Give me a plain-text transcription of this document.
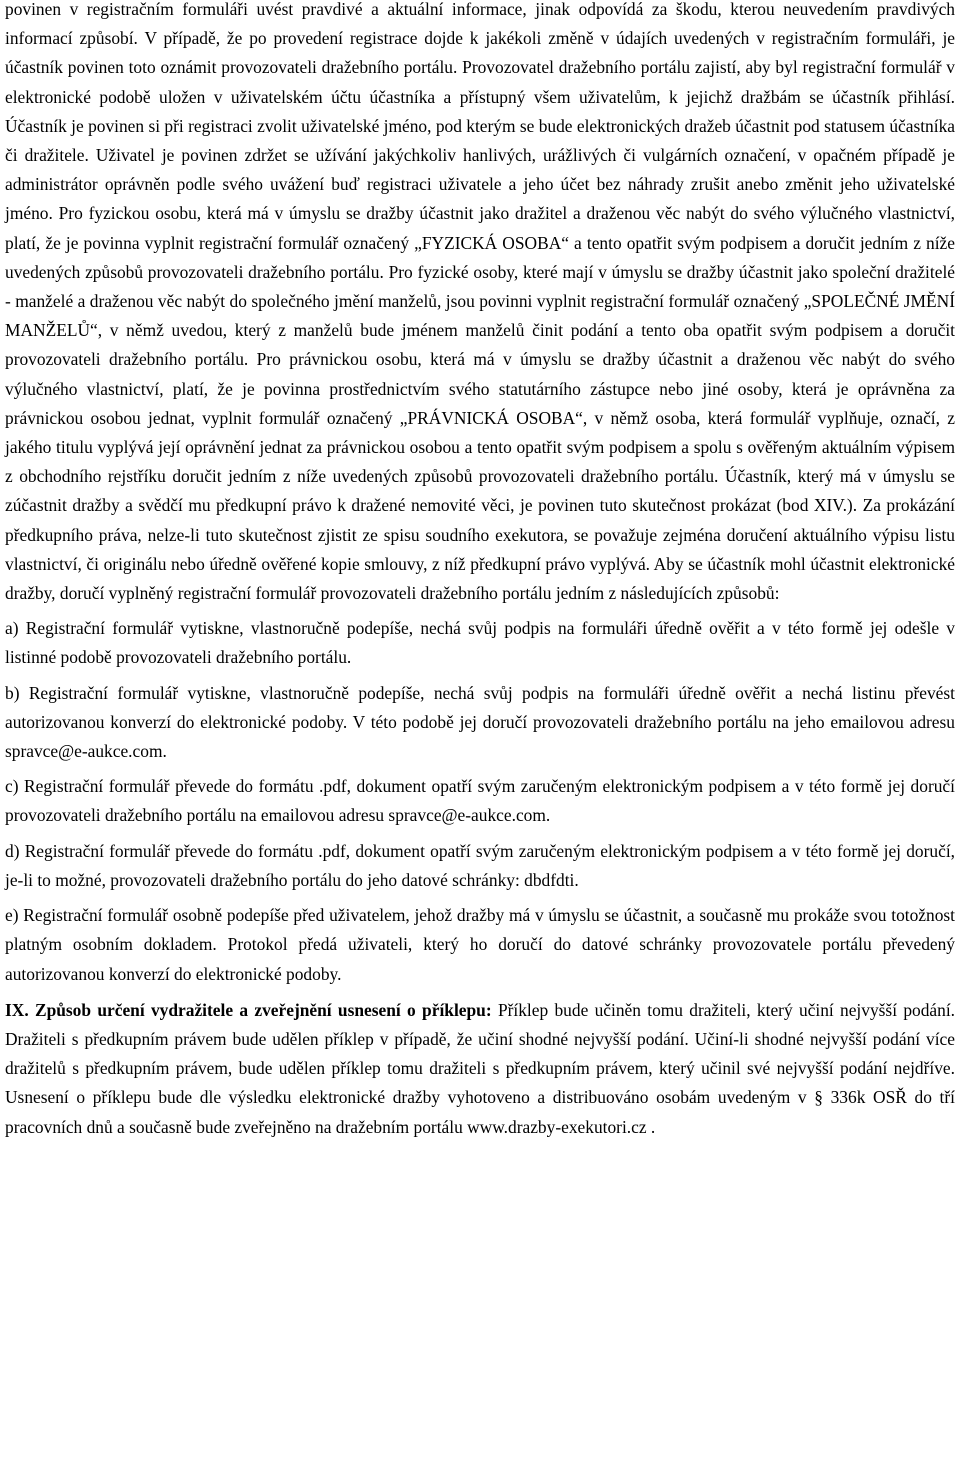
povinen v registračním formuláři uvést pravdivé a aktuální informace, jinak odpovídá za škodu, kterou neuvedením pravdivých informací způsobí. V případě, že po provedení registrace dojde k jakékoli změně v údajích uvedených v registračním formuláři, je účastník povinen toto oznámit provozovateli dražebního portálu. Provozovatel dražebního portálu zajistí, aby byl registrační formulář v elektronické podobě uložen v uživatelském účtu účastníka a přístupný všem uživatelům, k jejichž dražbám se účastník přihlásí. Účastník je povinen si při registraci zvolit uživatelské jméno, pod kterým se bude elektronických dražeb účastnit pod statusem účastníka či dražitele. Uživatel je povinen zdržet se užívání jakýchkoliv hanlivých, urážlivých či vulgárních označení, v opačném případě je administrátor oprávněn podle svého uvážení buď registraci uživatele a jeho účet bez náhrady zrušit anebo změnit jeho uživatelské jméno. Pro fyzickou osobu, která má v úmyslu se dražby účastnit jako dražitel a draženou věc nabýt do svého výlučného vlastnictví, platí, že je povinna vyplnit registrační formulář označený „FYZICKÁ OSOBA“ a tento opatřit svým podpisem a doručit jedním z níže uvedených způsobů provozovateli dražebního portálu. Pro fyzické osoby, které mají v úmyslu se dražby účastnit jako společní dražitelé - manželé a draženou věc nabýt do společného jmění manželů, jsou povinni vyplnit registrační formulář označený „SPOLEČNÉ JMĚNÍ MANŽELŮ“, v němž uvedou, který z manželů bude jménem manželů činit podání a tento oba opatřit svým podpisem a doručit provozovateli dražebního portálu. Pro právnickou osobu, která má v úmyslu se dražby účastnit a draženou věc nabýt do svého výlučného vlastnictví, platí, že je povinna prostřednictvím svého statutárního zástupce nebo jiné osoby, která je oprávněna za právnickou osobou jednat, vyplnit formulář označený „PRÁVNICKÁ OSOBA“, v němž osoba, která formulář vyplňuje, označí, z jakého titulu vyplývá její oprávnění jednat za právnickou osobou a tento opatřit svým podpisem a spolu s ověřeným aktuálním výpisem z obchodního rejstříku doručit jedním z níže uvedených způsobů provozovateli dražebního portálu. Účastník, který má v úmyslu se zúčastnit dražby a svědčí mu předkupní právo k dražené nemovité věci, je povinen tuto skutečnost prokázat (bod XIV.). Za prokázání předkupního práva, nelze-li tuto skutečnost zjistit ze spisu soudního exekutora, se považuje zejména doručení aktuálního výpisu listu vlastnictví, či originálu nebo úředně ověřené kopie smlouvy, z níž předkupní právo vyplývá. Aby se účastník mohl účastnit elektronické dražby, doručí vyplněný registrační formulář provozovateli dražebního portálu jedním z následujících způsobů:

a) Registrační formulář vytiskne, vlastnoručně podepíše, nechá svůj podpis na formuláři úředně ověřit a v této formě jej odešle v listinné podobě provozovateli dražebního portálu.

b) Registrační formulář vytiskne, vlastnoručně podepíše, nechá svůj podpis na formuláři úředně ověřit a nechá listinu převést autorizovanou konverzí do elektronické podoby. V této podobě jej doručí provozovateli dražebního portálu na jeho emailovou adresu spravce@e-aukce.com.

c) Registrační formulář převede do formátu .pdf, dokument opatří svým zaručeným elektronickým podpisem a v této formě jej doručí provozovateli dražebního portálu na emailovou adresu spravce@e-aukce.com.

d) Registrační formulář převede do formátu .pdf, dokument opatří svým zaručeným elektronickým podpisem a v této formě jej doručí, je-li to možné, provozovateli dražebního portálu do jeho datové schránky: dbdfdti.

e) Registrační formulář osobně podepíše před uživatelem, jehož dražby má v úmyslu se účastnit, a současně mu prokáže svou totožnost platným osobním dokladem. Protokol předá uživateli, který ho doručí do datové schránky provozovatele portálu převedený autorizovanou konverzí do elektronické podoby.

IX. Způsob určení vydražitele a zveřejnění usnesení o příklepu: Příklep bude učiněn tomu dražiteli, který učiní nejvyšší podání. Dražiteli s předkupním právem bude udělen příklep v případě, že učiní shodné nejvyšší podání. Učiní-li shodné nejvyšší podání více dražitelů s předkupním právem, bude udělen příklep tomu dražiteli s předkupním právem, který učinil své nejvyšší podání nejdříve. Usnesení o příklepu bude dle výsledku elektronické dražby vyhotoveno a distribuováno osobám uvedeným v § 336k OSŘ do tří pracovních dnů a současně bude zveřejněno na dražebním portálu www.drazby-exekutori.cz .
